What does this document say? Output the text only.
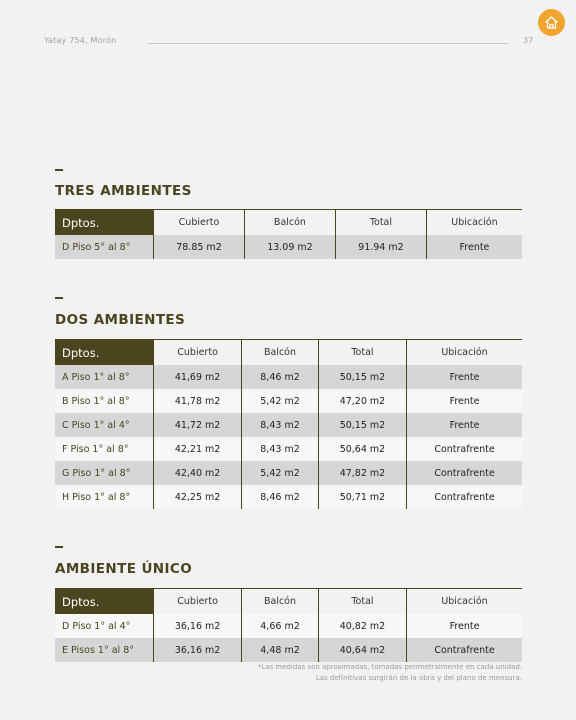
Yatay 754, Morón	37
TRES AMBIENTES
Dptos.	Cubierto	Balcón	Total	Ubicación
D Piso 5° al 8°	78.85 m2	13.09 m2	91.94 m2	Frente
DOS AMBIENTES
Dptos.	Cubierto	Balcón	Total	Ubicación
A Piso 1° al 8°	41,69 m2	8,46 m2	50,15 m2	Frente
B Piso 1° al 8°	41,78 m2	5,42 m2	47,20 m2	Frente
C Piso 1° al 4°	41,72 m2	8,43 m2	50,15 m2	Frente
F Piso 1° al 8°	42,21 m2	8,43 m2	50,64 m2	Contrafrente
G Piso 1° al 8°	42,40 m2	5,42 m2	47,82 m2	Contrafrente
H Piso 1° al 8°	42,25 m2	8,46 m2	50,71 m2	Contrafrente
AMBIENTE ÚNICO
Dptos.	Cubierto	Balcón	Total	Ubicación
D Piso 1° al 4°	36,16 m2	4,66 m2	40,82 m2	Frente
E Pisos 1° al 8°	36,16 m2	4,48 m2	40,64 m2	Contrafrente
*Las medidas son aproximadas, tomadas perimetralmente en cada unidad.
Las definitivas surgirán de la obra y del plano de mensura.
